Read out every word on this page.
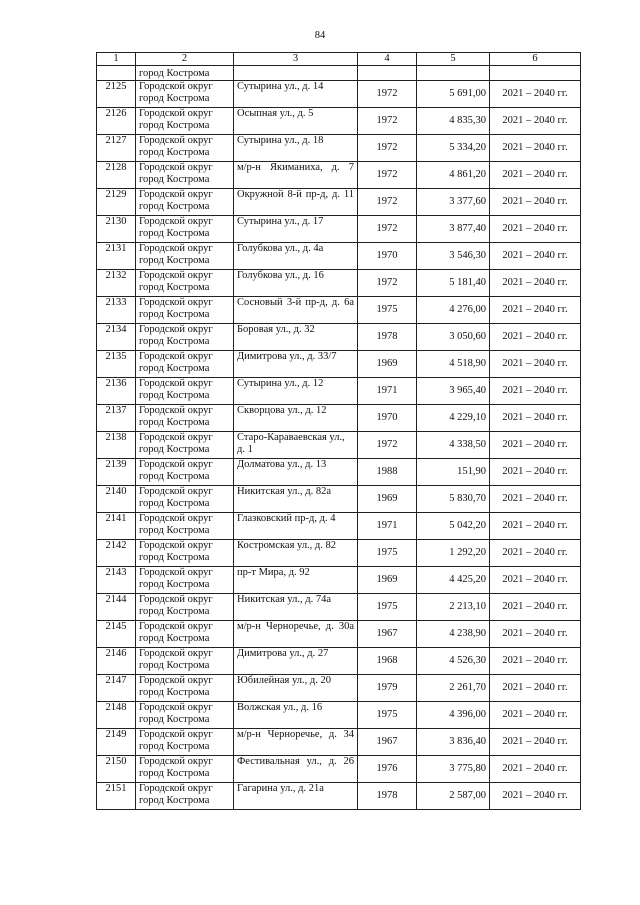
84
1	2	3	4	5	6
	город Кострома				
2125	Городской округ город Кострома	Сутырина ул., д. 14	1972	5 691,00	2021 – 2040 гг.
2126	Городской округ город Кострома	Осыпная ул., д. 5	1972	4 835,30	2021 – 2040 гг.
2127	Городской округ город Кострома	Сутырина ул., д. 18	1972	5 334,20	2021 – 2040 гг.
2128	Городской округ город Кострома	м/р-н Якиманиха, д. 7	1972	4 861,20	2021 – 2040 гг.
2129	Городской округ город Кострома	Окружной 8-й пр-д, д. 11	1972	3 377,60	2021 – 2040 гг.
2130	Городской округ город Кострома	Сутырина ул., д. 17	1972	3 877,40	2021 – 2040 гг.
2131	Городской округ город Кострома	Голубкова ул., д. 4а	1970	3 546,30	2021 – 2040 гг.
2132	Городской округ город Кострома	Голубкова ул., д. 16	1972	5 181,40	2021 – 2040 гг.
2133	Городской округ город Кострома	Сосновый 3-й пр-д, д. 6а	1975	4 276,00	2021 – 2040 гг.
2134	Городской округ город Кострома	Боровая ул., д. 32	1978	3 050,60	2021 – 2040 гг.
2135	Городской округ город Кострома	Димитрова ул., д. 33/7	1969	4 518,90	2021 – 2040 гг.
2136	Городской округ город Кострома	Сутырина ул., д. 12	1971	3 965,40	2021 – 2040 гг.
2137	Городской округ город Кострома	Скворцова ул., д. 12	1970	4 229,10	2021 – 2040 гг.
2138	Городской округ город Кострома	Старо-Караваевская ул., д. 1	1972	4 338,50	2021 – 2040 гг.
2139	Городской округ город Кострома	Долматова ул., д. 13	1988	151,90	2021 – 2040 гг.
2140	Городской округ город Кострома	Никитская ул., д. 82а	1969	5 830,70	2021 – 2040 гг.
2141	Городской округ город Кострома	Глазковский пр-д, д. 4	1971	5 042,20	2021 – 2040 гг.
2142	Городской округ город Кострома	Костромская ул., д. 82	1975	1 292,20	2021 – 2040 гг.
2143	Городской округ город Кострома	пр-т Мира, д. 92	1969	4 425,20	2021 – 2040 гг.
2144	Городской округ город Кострома	Никитская ул., д. 74а	1975	2 213,10	2021 – 2040 гг.
2145	Городской округ город Кострома	м/р-н Черноречье, д. 30а	1967	4 238,90	2021 – 2040 гг.
2146	Городской округ город Кострома	Димитрова ул., д. 27	1968	4 526,30	2021 – 2040 гг.
2147	Городской округ город Кострома	Юбилейная ул., д. 20	1979	2 261,70	2021 – 2040 гг.
2148	Городской округ город Кострома	Волжская ул., д. 16	1975	4 396,00	2021 – 2040 гг.
2149	Городской округ город Кострома	м/р-н Черноречье, д. 34	1967	3 836,40	2021 – 2040 гг.
2150	Городской округ город Кострома	Фестивальная ул., д. 26	1976	3 775,80	2021 – 2040 гг.
2151	Городской округ город Кострома	Гагарина ул., д. 21а	1978	2 587,00	2021 – 2040 гг.
